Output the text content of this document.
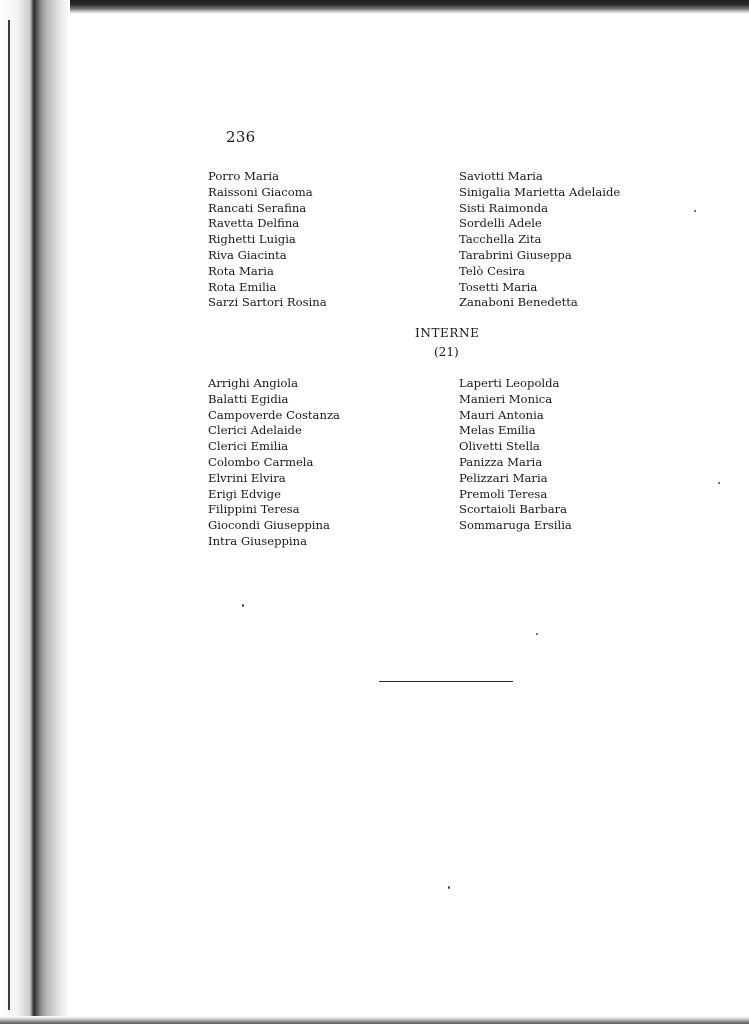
236
Porro Maria
Raissoni Giacoma
Rancati Serafina
Ravetta Delfina
Righetti Luigia
Riva Giacinta
Rota Maria
Rota Emilia
Sarzi Sartori Rosina
Saviotti Maria
Sinigalia Marietta Adelaide
Sisti Raimonda
Sordelli Adele
Tacchella Zita
Tarabrini Giuseppa
Telò Cesira
Tosetti Maria
Zanaboni Benedetta
INTERNE
(21)
Arrighi Angiola
Balatti Egidia
Campoverde Costanza
Clerici Adelaide
Clerici Emilia
Colombo Carmela
Elvrini Elvira
Erigi Edvige
Filippini Teresa
Giocondi Giuseppina
Intra Giuseppina
Laperti Leopolda
Manieri Monica
Mauri Antonia
Melas Emilia
Olivetti Stella
Panizza Maria
Pelizzari Maria
Premoli Teresa
Scortaioli Barbara
Sommaruga Ersilia
